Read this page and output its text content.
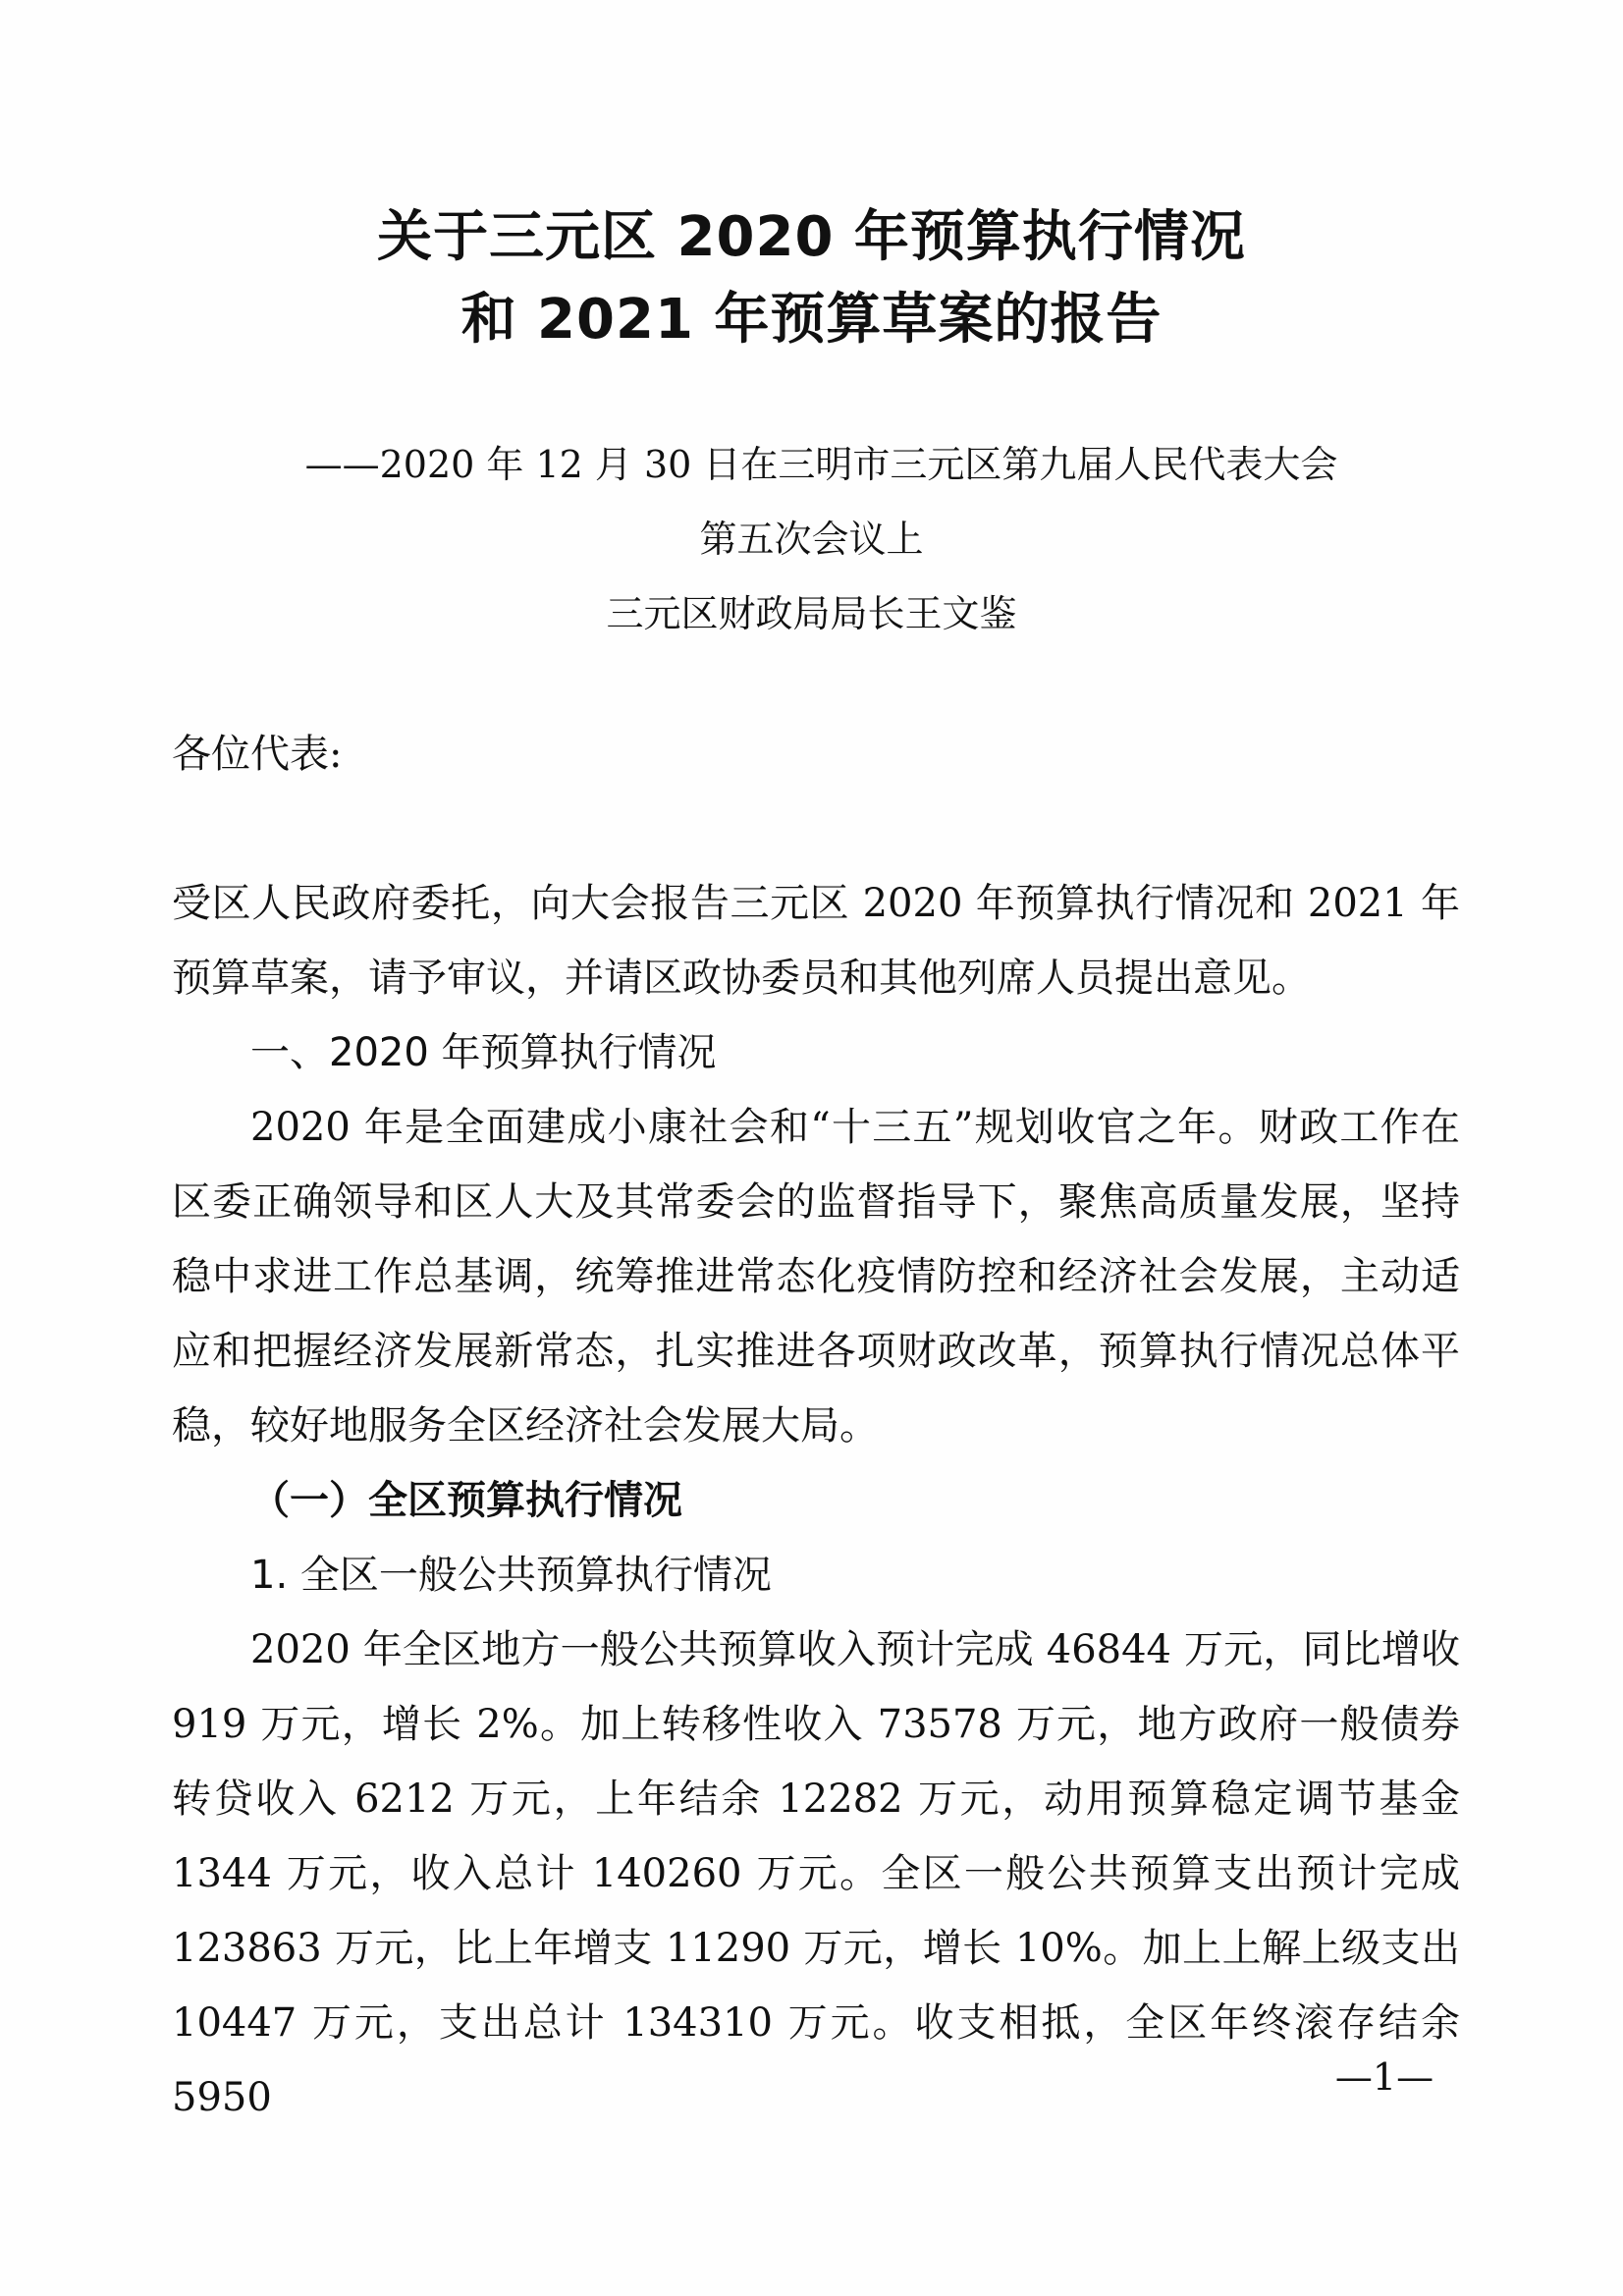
关于三元区 2020 年预算执行情况
和 2021 年预算草案的报告
——2020 年 12 月 30 日在三明市三元区第九届人民代表大会
第五次会议上
三元区财政局局长王文鉴

各位代表:

受区人民政府委托，向大会报告三元区 2020 年预算执行情况和 2021 年预算草案，请予审议，并请区政协委员和其他列席人员提出意见。

一、2020 年预算执行情况

2020 年是全面建成小康社会和“十三五”规划收官之年。财政工作在区委正确领导和区人大及其常委会的监督指导下，聚焦高质量发展，坚持稳中求进工作总基调，统筹推进常态化疫情防控和经济社会发展，主动适应和把握经济发展新常态，扎实推进各项财政改革，预算执行情况总体平稳，较好地服务全区经济社会发展大局。

（一）全区预算执行情况

1. 全区一般公共预算执行情况

2020 年全区地方一般公共预算收入预计完成 46844 万元，同比增收 919 万元，增长 2%。加上转移性收入 73578 万元，地方政府一般债券转贷收入 6212 万元，上年结余 12282 万元，动用预算稳定调节基金 1344 万元，收入总计 140260 万元。全区一般公共预算支出预计完成 123863 万元，比上年增支 11290 万元，增长 10%。加上上解上级支出 10447 万元，支出总计 134310 万元。收支相抵，全区年终滚存结余 5950	—1—
